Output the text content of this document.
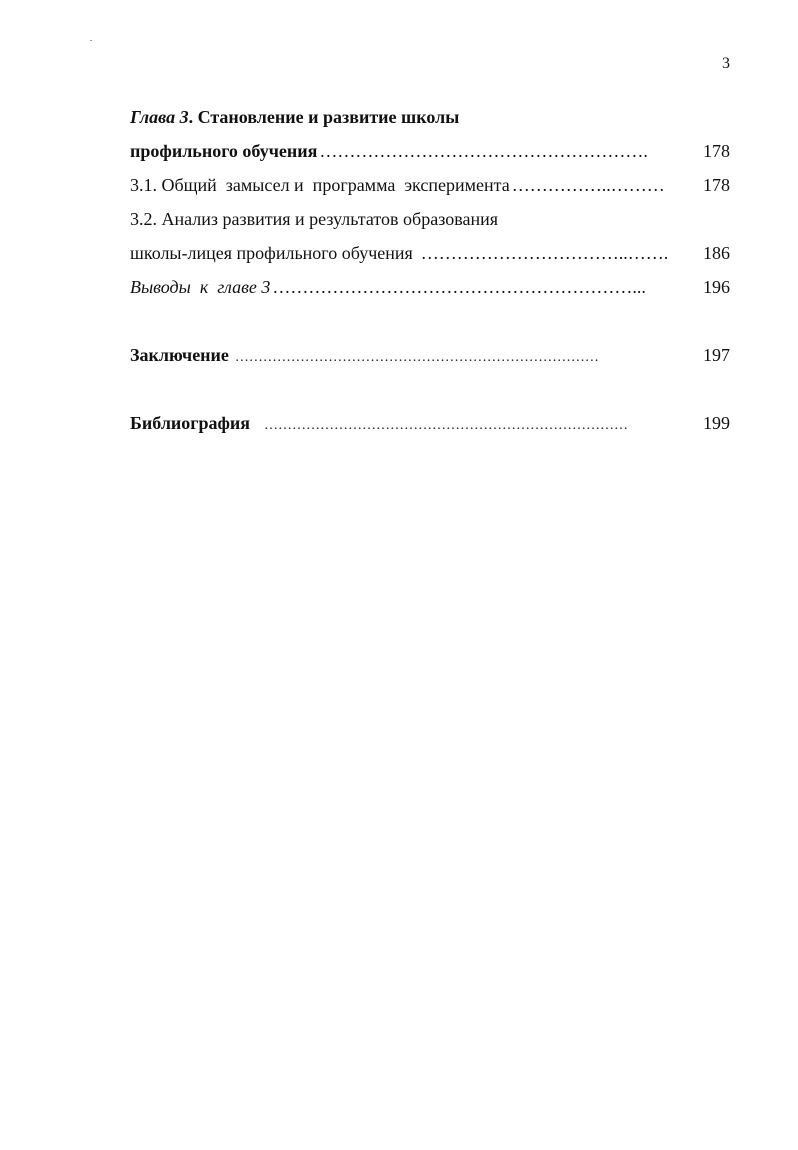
3
Глава 3. Становление и развитие школы
профильного обучения ……………………………………………….	178
3.1. Общий  замысел и  программа  эксперимента ……………..………	178
3.2. Анализ развития и результатов образования
школы-лицея профильного обучения ……………………………..…….	186
Выводы  к  главе 3 ……………………………………………………...	196
Заключение ……………………………………………………………………	197
Библиография ……………………………………………………………………	199
